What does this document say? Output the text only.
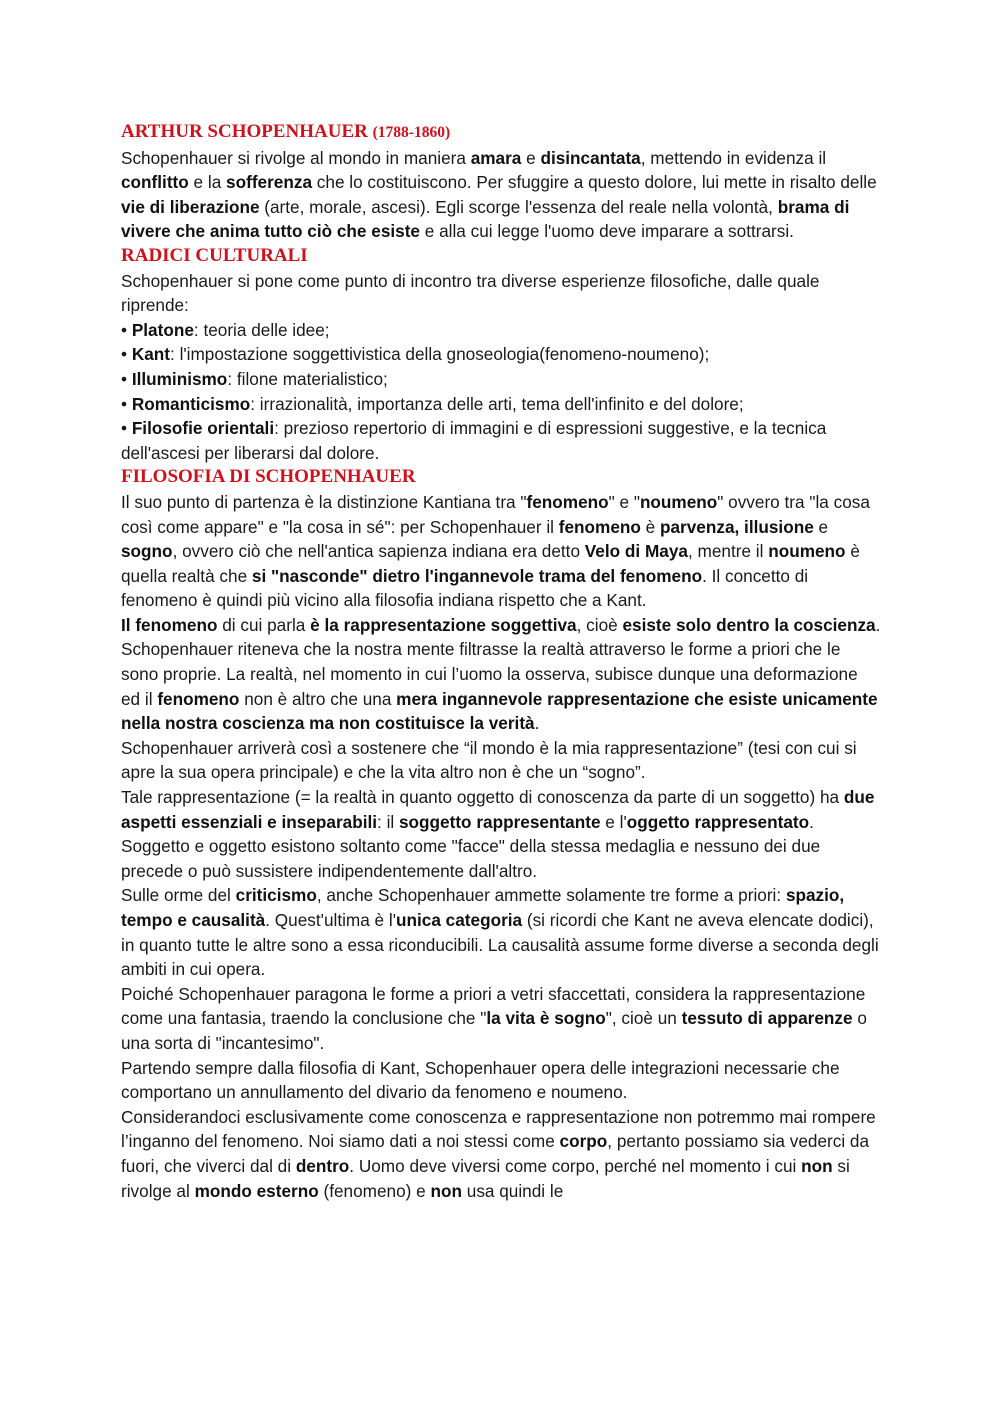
ARTHUR SCHOPENHAUER (1788-1860)

Schopenhauer si rivolge al mondo in maniera amara e disincantata, mettendo in evidenza il conflitto e la sofferenza che lo costituiscono. Per sfuggire a questo dolore, lui mette in risalto delle vie di liberazione (arte, morale, ascesi). Egli scorge l'essenza del reale nella volontà, brama di vivere che anima tutto ciò che esiste e alla cui legge l'uomo deve imparare a sottrarsi.

RADICI CULTURALI

Schopenhauer si pone come punto di incontro tra diverse esperienze filosofiche, dalle quale riprende:

• Platone: teoria delle idee;
• Kant: l'impostazione soggettivistica della gnoseologia(fenomeno-noumeno);
• Illuminismo: filone materialistico;
• Romanticismo: irrazionalità, importanza delle arti, tema dell'infinito e del dolore;
• Filosofie orientali: prezioso repertorio di immagini e di espressioni suggestive, e la tecnica dell'ascesi per liberarsi dal dolore.
FILOSOFIA DI SCHOPENHAUER

Il suo punto di partenza è la distinzione Kantiana tra "fenomeno" e "noumeno" ovvero tra "la cosa così come appare" e "la cosa in sé": per Schopenhauer il fenomeno è parvenza, illusione e sogno, ovvero ciò che nell'antica sapienza indiana era detto Velo di Maya, mentre il noumeno è quella realtà che si "nasconde" dietro l'ingannevole trama del fenomeno. Il concetto di fenomeno è quindi più vicino alla filosofia indiana rispetto che a Kant.

Il fenomeno di cui parla è la rappresentazione soggettiva, cioè esiste solo dentro la coscienza. Schopenhauer riteneva che la nostra mente filtrasse la realtà attraverso le forme a priori che le sono proprie. La realtà, nel momento in cui l’uomo la osserva, subisce dunque una deformazione ed il fenomeno non è altro che una mera ingannevole rappresentazione che esiste unicamente nella nostra coscienza ma non costituisce la verità.

Schopenhauer arriverà così a sostenere che “il mondo è la mia rappresentazione” (tesi con cui si apre la sua opera principale) e che la vita altro non è che un “sogno”.

Tale rappresentazione (= la realtà in quanto oggetto di conoscenza da parte di un soggetto) ha due aspetti essenziali e inseparabili: il soggetto rappresentante e l'oggetto rappresentato. Soggetto e oggetto esistono soltanto come "facce" della stessa medaglia e nessuno dei due precede o può sussistere indipendentemente dall'altro.

Sulle orme del criticismo, anche Schopenhauer ammette solamente tre forme a priori: spazio, tempo e causalità. Quest'ultima è l'unica categoria (si ricordi che Kant ne aveva elencate dodici), in quanto tutte le altre sono a essa riconducibili. La causalità assume forme diverse a seconda degli ambiti in cui opera.

Poiché Schopenhauer paragona le forme a priori a vetri sfaccettati, considera la rappresentazione come una fantasia, traendo la conclusione che "la vita è sogno", cioè un tessuto di apparenze o una sorta di "incantesimo".

Partendo sempre dalla filosofia di Kant, Schopenhauer opera delle integrazioni necessarie che comportano un annullamento del divario da fenomeno e noumeno.

Considerandoci esclusivamente come conoscenza e rappresentazione non potremmo mai rompere l’inganno del fenomeno. Noi siamo dati a noi stessi come corpo, pertanto possiamo sia vederci da fuori, che viverci dal di dentro. Uomo deve viversi come corpo, perché nel momento i cui non si rivolge al mondo esterno (fenomeno) e non usa quindi le
